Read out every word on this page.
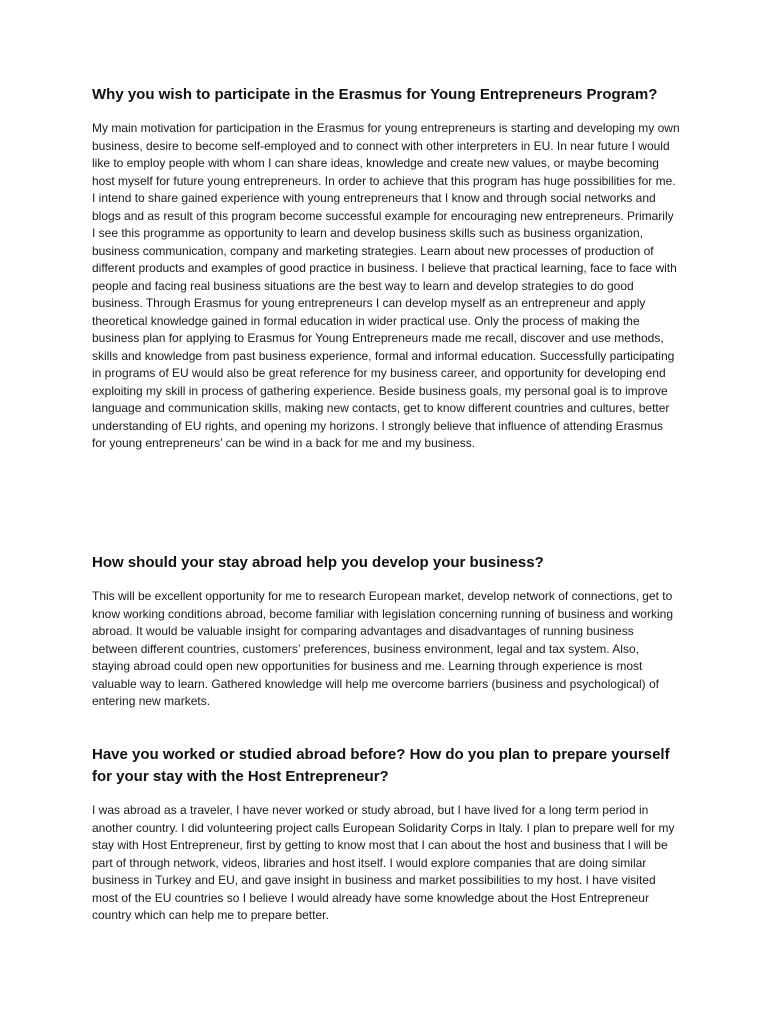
Why you wish to participate in the Erasmus for Young Entrepreneurs Program?

My main motivation for participation in the Erasmus for young entrepreneurs is starting and developing my own business, desire to become self-employed and to connect with other interpreters in EU. In near future I would like to employ people with whom I can share ideas, knowledge and create new values, or maybe becoming host myself for future young entrepreneurs. In order to achieve that this program has huge possibilities for me. I intend to share gained experience with young entrepreneurs that I know and through social networks and blogs and as result of this program become successful example for encouraging new entrepreneurs. Primarily I see this programme as opportunity to learn and develop business skills such as business organization, business communication, company and marketing strategies. Learn about new processes of production of different products and examples of good practice in business. I believe that practical learning, face to face with people and facing real business situations are the best way to learn and develop strategies to do good business. Through Erasmus for young entrepreneurs I can develop myself as an entrepreneur and apply theoretical knowledge gained in formal education in wider practical use. Only the process of making the business plan for applying to Erasmus for Young Entrepreneurs made me recall, discover and use methods, skills and knowledge from past business experience, formal and informal education. Successfully participating in programs of EU would also be great reference for my business career, and opportunity for developing end exploiting my skill in process of gathering experience. Beside business goals, my personal goal is to improve language and communication skills, making new contacts, get to know different countries and cultures, better understanding of EU rights, and opening my horizons. I strongly believe that influence of attending Erasmus for young entrepreneurs’ can be wind in a back for me and my business.

How should your stay abroad help you develop your business?

This will be excellent opportunity for me to research European market, develop network of connections, get to know working conditions abroad, become familiar with legislation concerning running of business and working abroad. It would be valuable insight for comparing advantages and disadvantages of running business between different countries, customers’ preferences, business environment, legal and tax system. Also, staying abroad could open new opportunities for business and me. Learning through experience is most valuable way to learn. Gathered knowledge will help me overcome barriers (business and psychological) of entering new markets.

Have you worked or studied abroad before? How do you plan to prepare yourself for your stay with the Host Entrepreneur?

I was abroad as a traveler, I have never worked or study abroad, but I have lived for a long term period in another country. I did volunteering project calls European Solidarity Corps in Italy. I plan to prepare well for my stay with Host Entrepreneur, first by getting to know most that I can about the host and business that I will be part of through network, videos, libraries and host itself. I would explore companies that are doing similar business in Turkey and EU, and gave insight in business and market possibilities to my host. I have visited most of the EU countries so I believe I would already have some knowledge about the Host Entrepreneur country which can help me to prepare better.
